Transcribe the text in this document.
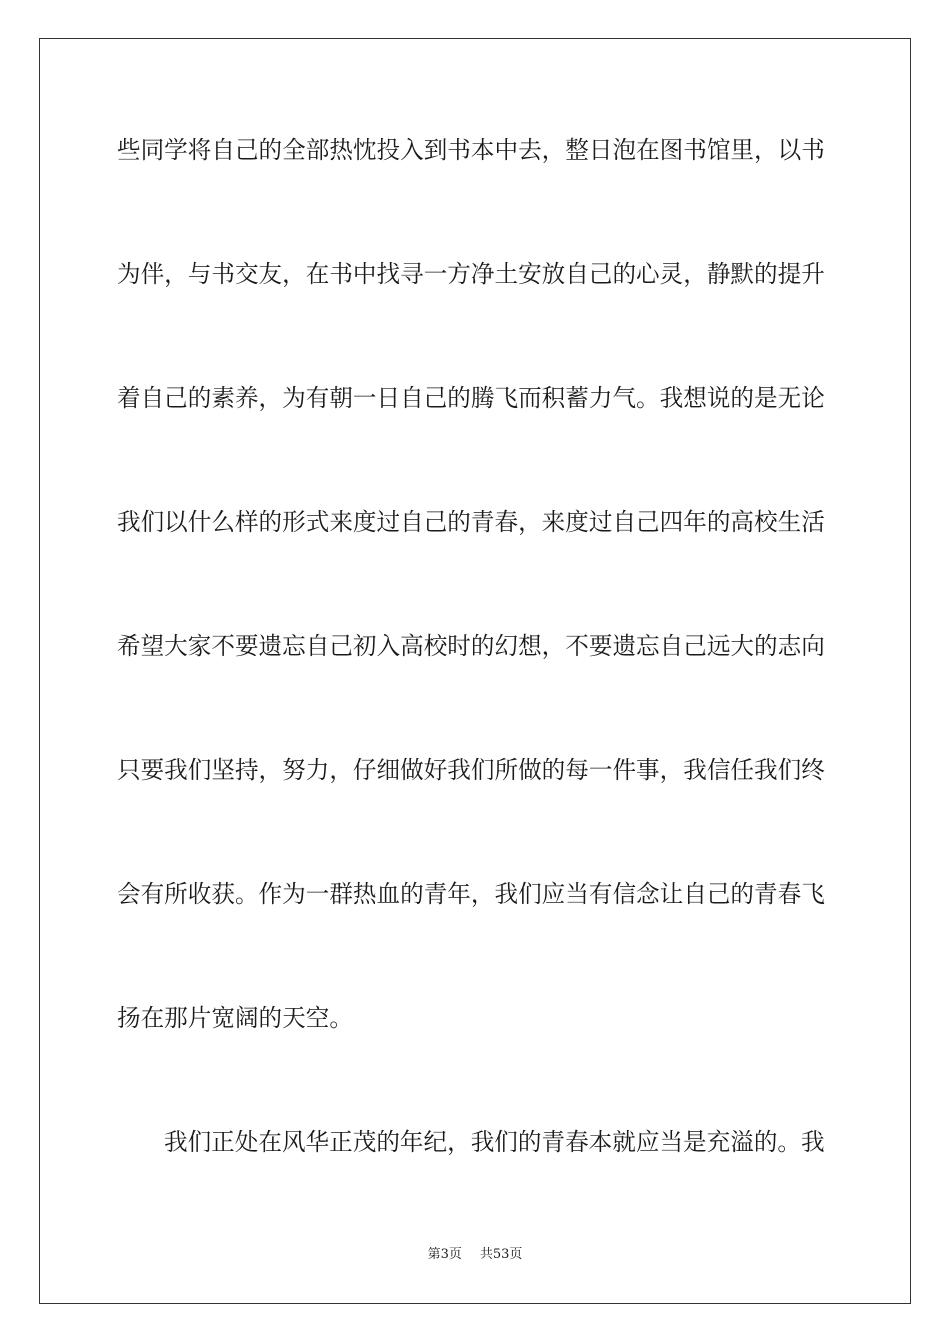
些同学将自己的全部热忱投入到书本中去，整日泡在图书馆里，以书
为伴，与书交友，在书中找寻一方净土安放自己的心灵，静默的提升
着自己的素养，为有朝一日自己的腾飞而积蓄力气。我想说的是无论
我们以什么样的形式来度过自己的青春，来度过自己四年的高校生活
希望大家不要遗忘自己初入高校时的幻想，不要遗忘自己远大的志向
只要我们坚持，努力，仔细做好我们所做的每一件事，我信任我们终
会有所收获。作为一群热血的青年，我们应当有信念让自己的青春飞
扬在那片宽阔的天空。
我们正处在风华正茂的年纪，我们的青春本就应当是充溢的。我
第3页 共53页
